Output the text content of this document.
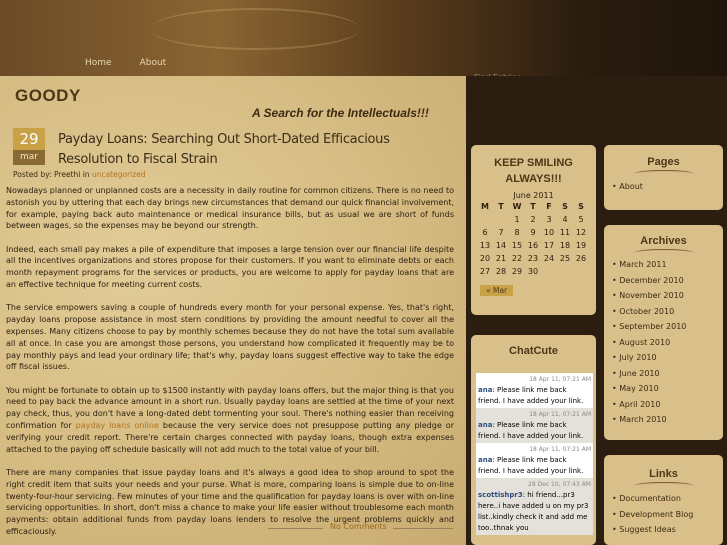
Home	About
GOODY
A Search for the Intellectuals!!!
29
mar
Payday Loans: Searching Out Short-Dated Efficacious Resolution to Fiscal Strain
Posted by: Preethi in uncategorized

Nowadays planned or unplanned costs are a necessity in daily routine for common citizens. There is no need to astonish you by uttering that each day brings new circumstances that demand our quick financial involvement, for example, paying back auto maintenance or medical insurance bills, but as usual we are short of funds between wages, so the expenses may be beyond our strength.

Indeed, each small pay makes a pile of expenditure that imposes a large tension over our financial life despite all the incentives organizations and stores propose for their customers. If you want to eliminate debts or each month repayment programs for the services or products, you are welcome to apply for payday loans that are an effective technique for meeting current costs.

The service empowers saving a couple of hundreds every month for your personal expense. Yes, that's right, payday loans propose assistance in most stern conditions by providing the amount needful to cover all the expenses. Many citizens choose to pay by monthly schemes because they do not have the total sum available all at once. In case you are amongst those persons, you understand how complicated it frequently may be to pay monthly pays and lead your ordinary life; that's why, payday loans suggest effective way to take the edge off fiscal issues.

You might be fortunate to obtain up to $1500 instantly with payday loans offers, but the major thing is that you need to pay back the advance amount in a short run. Usually payday loans are settled at the time of your next pay check, thus, you don't have a long-dated debt tormenting your soul. There's nothing easier than receiving confirmation for payday loans online because the very service does not presuppose putting any pledge or verifying your credit report. There're certain charges connected with payday loans, though extra expenses attached to the paying off schedule basically will not add much to the total value of your bill.

There are many companies that issue payday loans and it's always a good idea to shop around to spot the right credit item that suits your needs and your purse. What is more, comparing loans is simple due to on-line twenty-four-hour servicing. Few minutes of your time and the qualification for payday loans is over with on-line servicing opportunities. In short, don't miss a chance to make your life easier without troublesome each month payments: obtain additional funds from payday loans lenders to resolve the urgent problems quickly and efficaciously.

No Comments
KEEP SMILING ALWAYS!!!
June 2011
M	T	W	T	F	S	S
		1	2	3	4	5
6	7	8	9	10	11	12
13	14	15	16	17	18	19
20	21	22	23	24	25	26
27	28	29	30			
« Mar
ChatCute
18 Apr 11, 07:21 AM
ana: Please link me back friend. I have added your link.
18 Apr 11, 07:21 AM
ana: Please link me back friend. I have added your link.
18 Apr 11, 07:21 AM
ana: Please link me back friend. I have added your link.
28 Dec 10, 07:43 AM
scottishpr3: hi friend...pr3 here..i have added u on my pr3 list..kindly check it and add me too..thnak you
Pages
• About
Archives
• March 2011
• December 2010
• November 2010
• October 2010
• September 2010
• August 2010
• July 2010
• June 2010
• May 2010
• April 2010
• March 2010
Links
• Documentation
• Development Blog
• Suggest Ideas
